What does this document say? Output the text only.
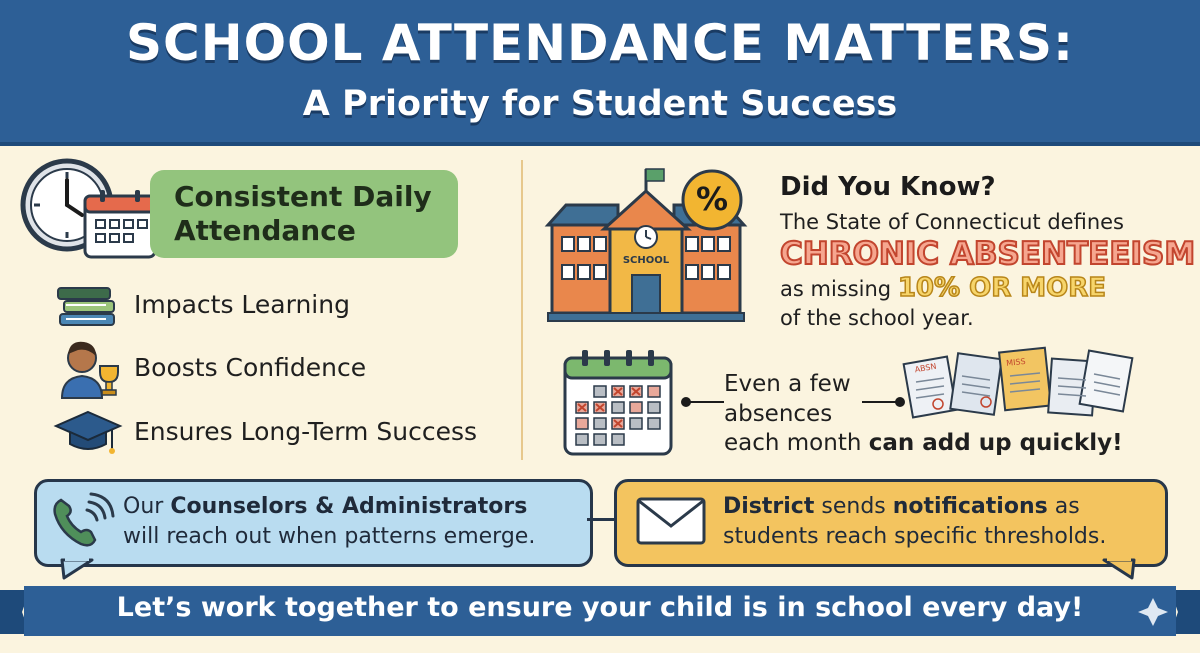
SCHOOL ATTENDANCE MATTERS:
A Priority for Student Success
Consistent Daily
Attendance
Impacts Learning
Boosts Confidence
Ensures Long-Term Success
SCHOOL
%	Did You Know?
The State of Connecticut defines
CHRONIC ABSENTEEISM
as missing 10% OR MORE
of the school year.
Even a few
absences
each month can add up quickly!
ABSN	MISS
Our Counselors & Administrators
will reach out when patterns emerge.
District sends notifications as
students reach specific thresholds.
Let’s work together to ensure your child is in school every day!
